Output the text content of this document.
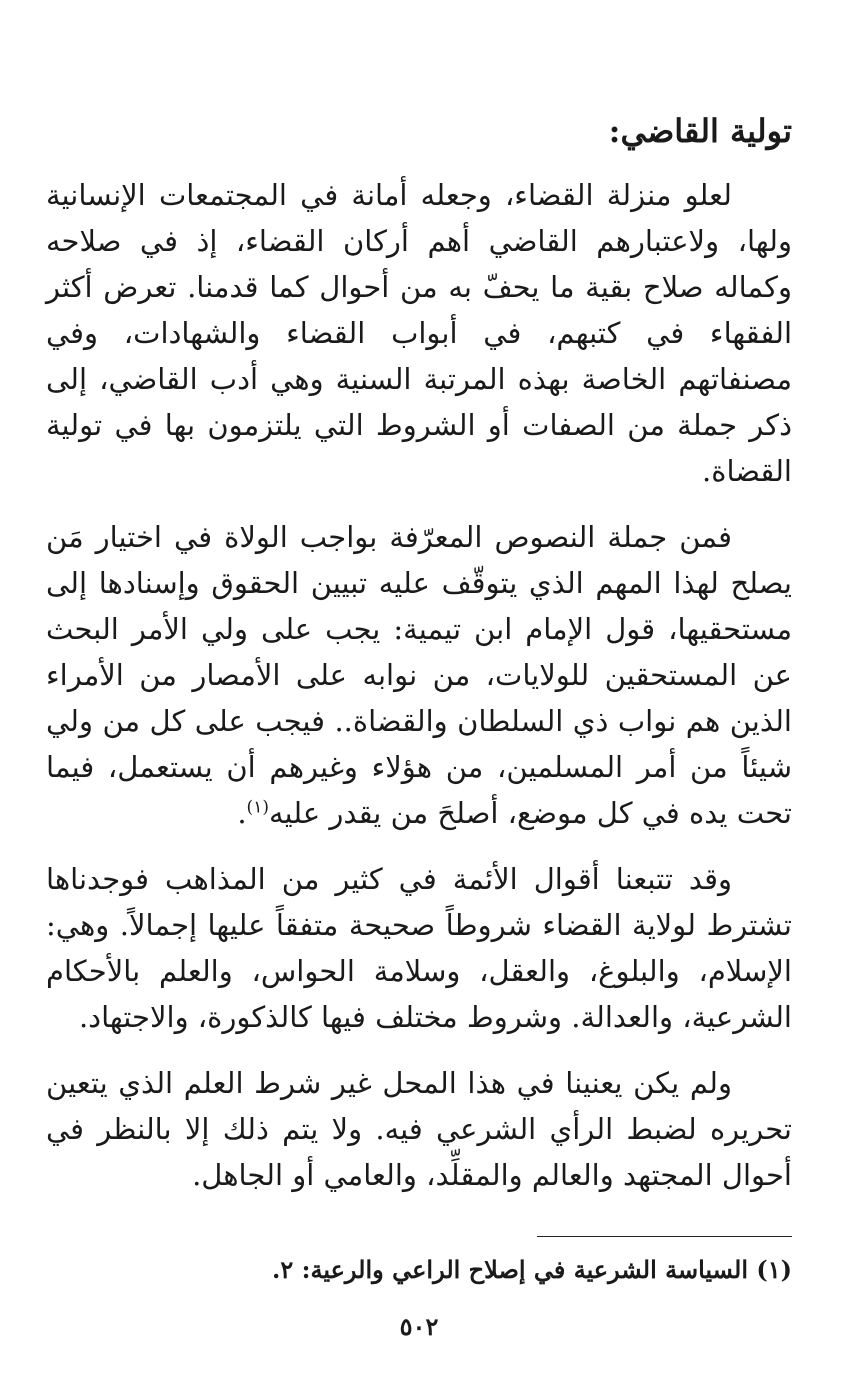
تولية القاضي:

لعلو منزلة القضاء، وجعله أمانة في المجتمعات الإنسانية ولها، ولاعتبارهم القاضي أهم أركان القضاء، إذ في صلاحه وكماله صلاح بقية ما يحفّ به من أحوال كما قدمنا. تعرض أكثر الفقهاء في كتبهم، في أبواب القضاء والشهادات، وفي مصنفاتهم الخاصة بهذه المرتبة السنية وهي أدب القاضي، إلى ذكر جملة من الصفات أو الشروط التي يلتزمون بها في تولية القضاة.

فمن جملة النصوص المعرّفة بواجب الولاة في اختيار مَن يصلح لهذا المهم الذي يتوقّف عليه تبيين الحقوق وإسنادها إلى مستحقيها، قول الإمام ابن تيمية: يجب على ولي الأمر البحث عن المستحقين للولايات، من نوابه على الأمصار من الأمراء الذين هم نواب ذي السلطان والقضاة.. فيجب على كل من ولي شيئاً من أمر المسلمين، من هؤلاء وغيرهم أن يستعمل، فيما تحت يده في كل موضع، أصلحَ من يقدر عليه$^{(١)}$.

وقد تتبعنا أقوال الأئمة في كثير من المذاهب فوجدناها تشترط لولاية القضاء شروطاً صحيحة متفقاً عليها إجمالاً. وهي: الإسلام، والبلوغ، والعقل، وسلامة الحواس، والعلم بالأحكام الشرعية، والعدالة. وشروط مختلف فيها كالذكورة، والاجتهاد.

ولم يكن يعنينا في هذا المحل غير شرط العلم الذي يتعين تحريره لضبط الرأي الشرعي فيه. ولا يتم ذلك إلا بالنظر في أحوال المجتهد والعالم والمقلِّد، والعامي أو الجاهل.

(١) السياسة الشرعية في إصلاح الراعي والرعية: ٢.
٥٠٢
